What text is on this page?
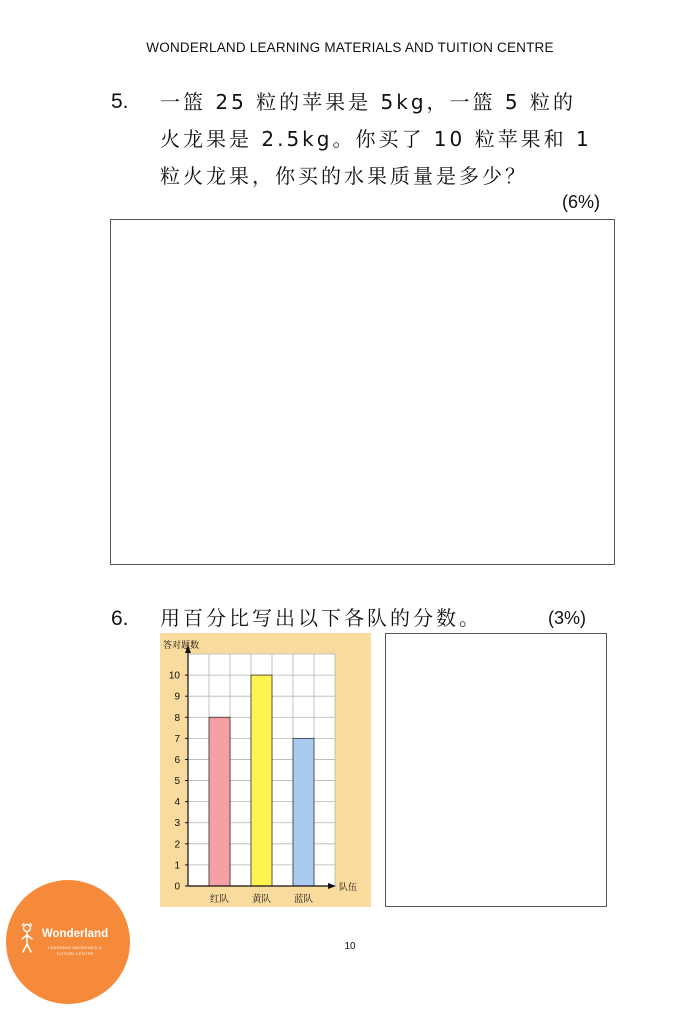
WONDERLAND LEARNING MATERIALS AND TUITION CENTRE
5. 一篮 25 粒的苹果是 5kg，一篮 5 粒的
火龙果是 2.5kg。你买了 10 粒苹果和 1
粒火龙果，你买的水果质量是多少？
(6%)
6. 用百分比写出以下各队的分数。	(3%)
0
1
2
3
4
5
6
7
8
9
10
红队 黄队 蓝队
答对题数
队伍
10
Wonderland
LEARNING MATERIALS &
TUITION CENTRE
